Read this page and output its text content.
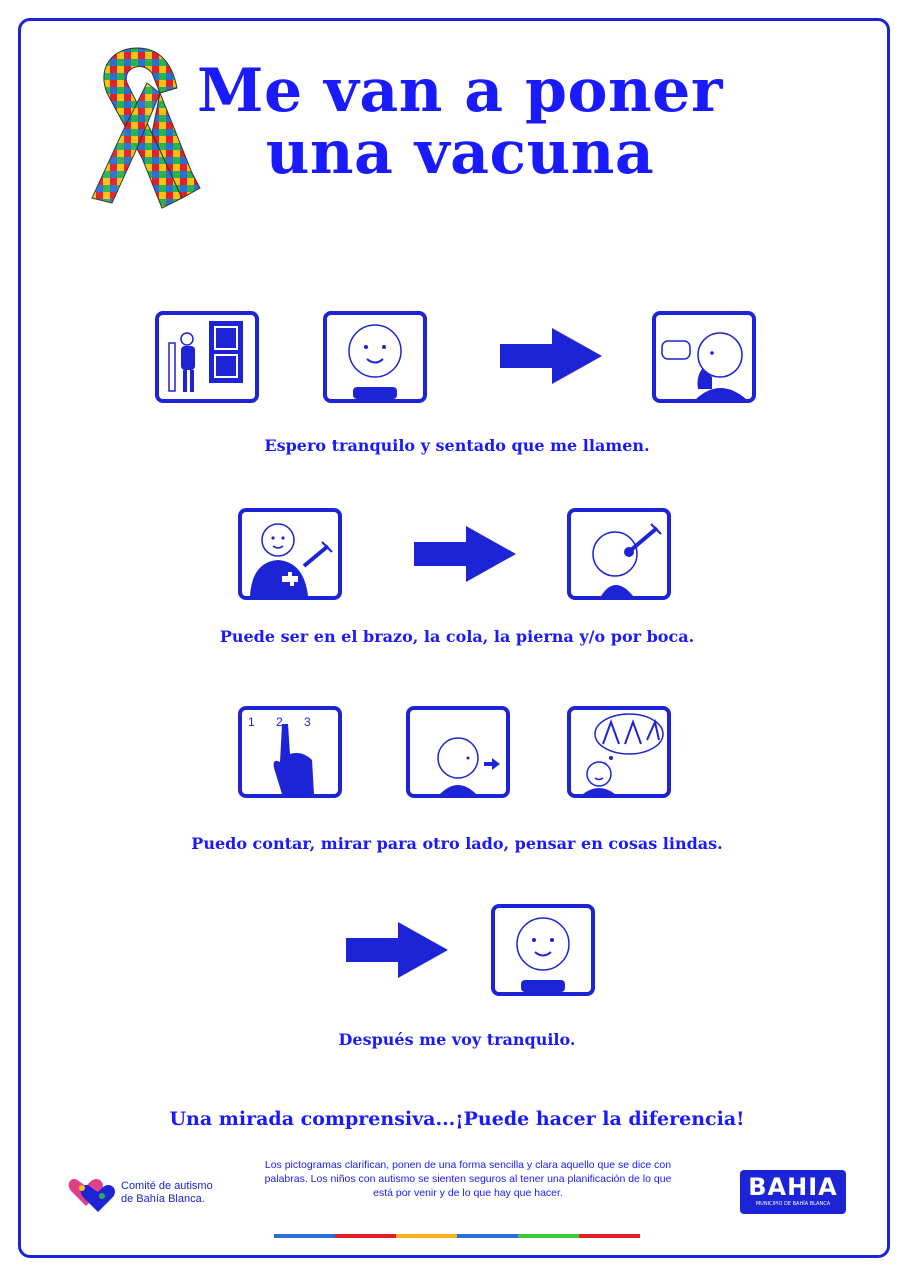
Me van a poner
una vacuna
Espero tranquilo y sentado que me llamen.
Puede ser en el brazo, la cola, la pierna y/o por boca.
1 2 3
Puedo contar, mirar para otro lado, pensar en cosas lindas.
Después me voy tranquilo.
Una mirada comprensiva...¡Puede hacer la diferencia!
Comité de autismo
de Bahía Blanca.
Los pictogramas clarifican, ponen de una forma sencilla y clara aquello que se dice con palabras. Los niños con autismo se sienten seguros al tener una planificación de lo que está por venir y de lo que hay que hacer.	BAHIA
MUNICIPIO DE BAHÍA BLANCA
